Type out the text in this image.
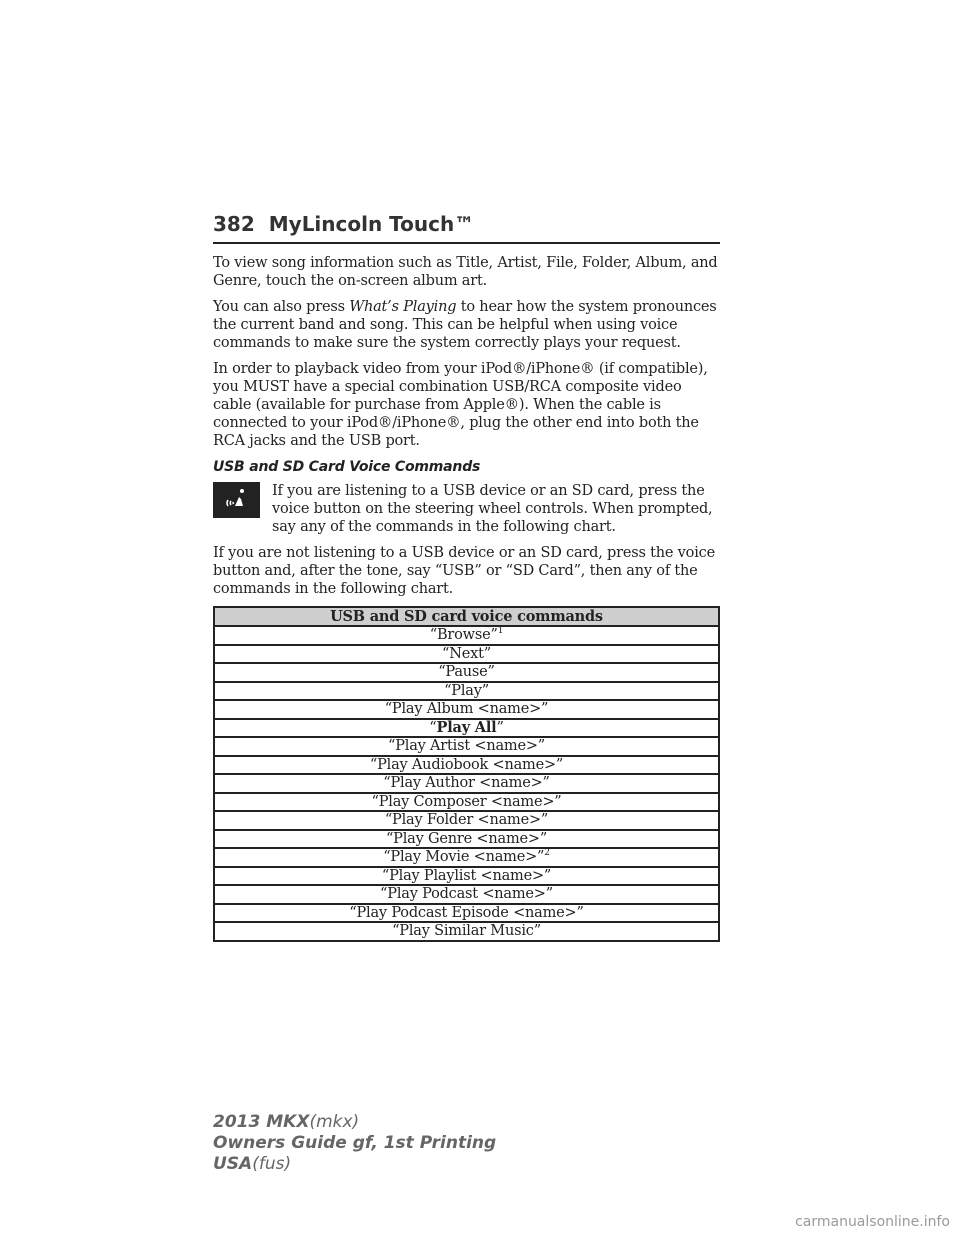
382 MyLincoln Touch™

To view song information such as Title, Artist, File, Folder, Album, and Genre, touch the on-screen album art.

You can also press What’s Playing to hear how the system pronounces the current band and song. This can be helpful when using voice commands to make sure the system correctly plays your request.

In order to playback video from your iPod®/iPhone® (if compatible), you MUST have a special combination USB/RCA composite video cable (available for purchase from Apple®). When the cable is connected to your iPod®/iPhone®, plug the other end into both the RCA jacks and the USB port.

USB and SD Card Voice Commands

If you are listening to a USB device or an SD card, press the voice button on the steering wheel controls. When prompted, say any of the commands in the following chart.

If you are not listening to a USB device or an SD card, press the voice button and, after the tone, say “USB” or “SD Card”, then any of the commands in the following chart.

USB and SD card voice commands
“Browse”$^1$
“Next”
“Pause”
“Play”
“Play Album <name>”
“Play All”
“Play Artist <name>”
“Play Audiobook <name>”
“Play Author <name>”
“Play Composer <name>”
“Play Folder <name>”
“Play Genre <name>”
“Play Movie <name>”$^2$
“Play Playlist <name>”
“Play Podcast <name>”
“Play Podcast Episode <name>”
“Play Similar Music”
2013 MKX(mkx)
Owners Guide gf, 1st Printing
USA(fus)
carmanualsonline.info
